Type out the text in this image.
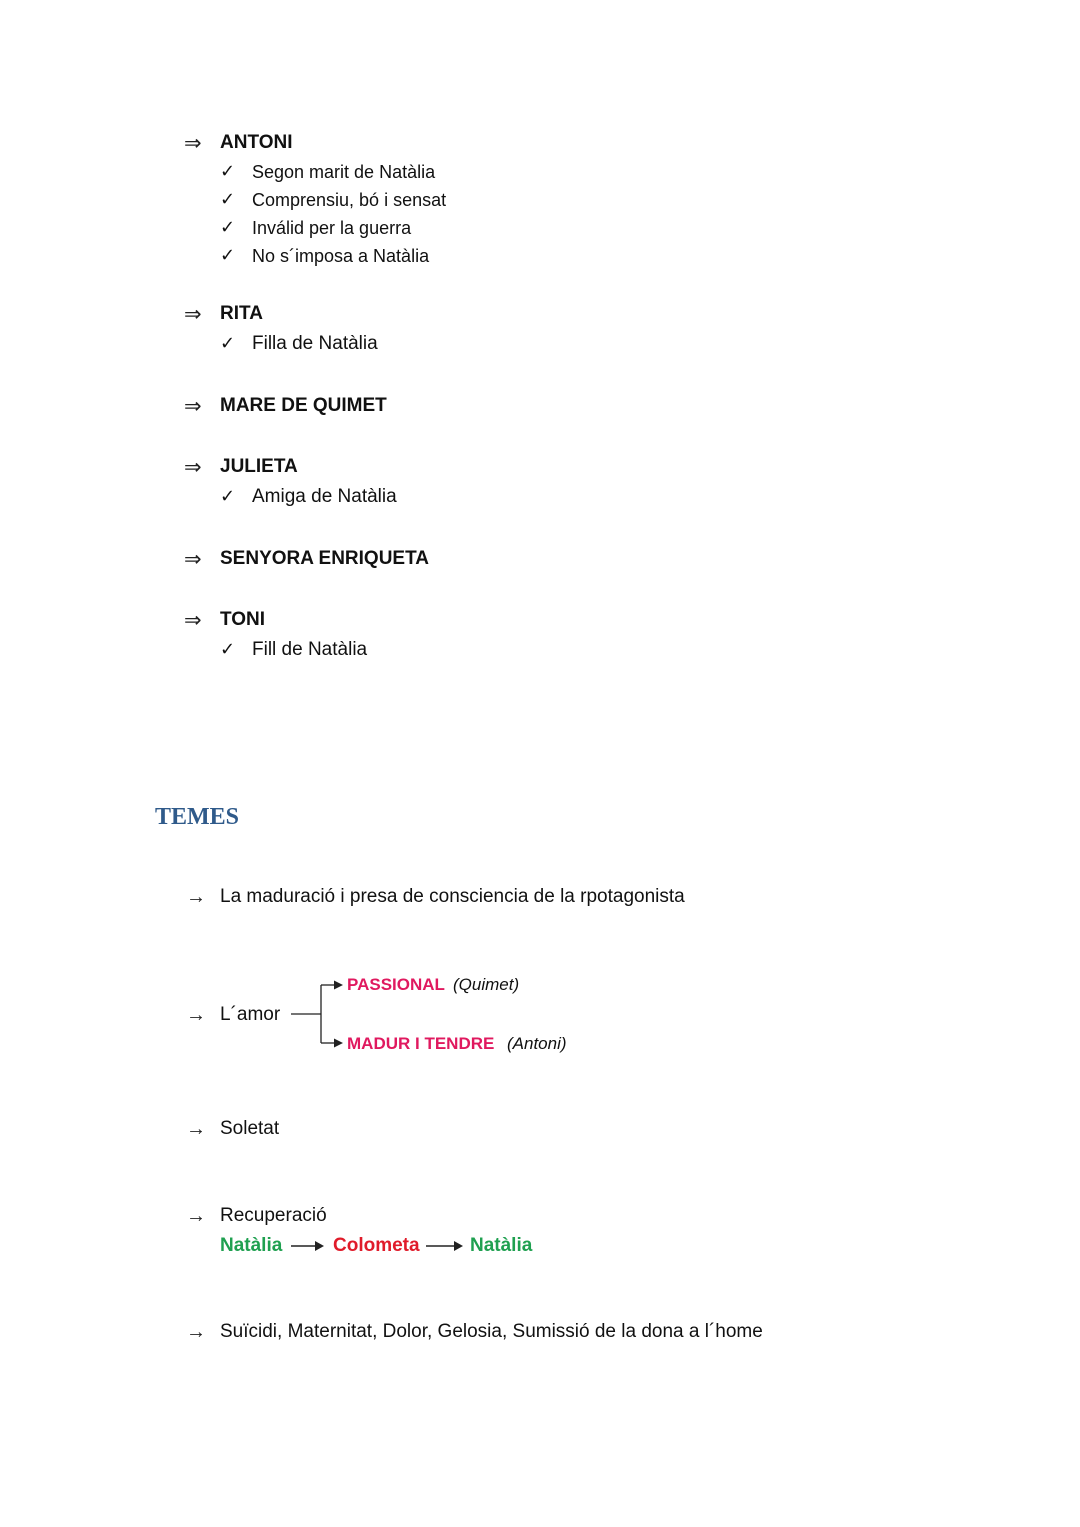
⇒ ANTONI
✓ Segon marit de Natàlia
✓ Comprensiu, bó i sensat
✓ Inválid per la guerra
✓ No s´imposa a Natàlia
⇒ RITA
✓ Filla de Natàlia
⇒ MARE DE QUIMET
⇒ JULIETA
✓ Amiga de Natàlia
⇒ SENYORA ENRIQUETA
⇒ TONI
✓ Fill de Natàlia
TEMES
→ La maduració i presa de consciencia de la rpotagonista
→ L´amor
PASSIONAL (Quimet)
MADUR I TENDRE (Antoni)
→ Soletat
→ Recuperació
Natàlia	Colometa	Natàlia
→ Suïcidi, Maternitat, Dolor, Gelosia, Sumissió de la dona a l´home
